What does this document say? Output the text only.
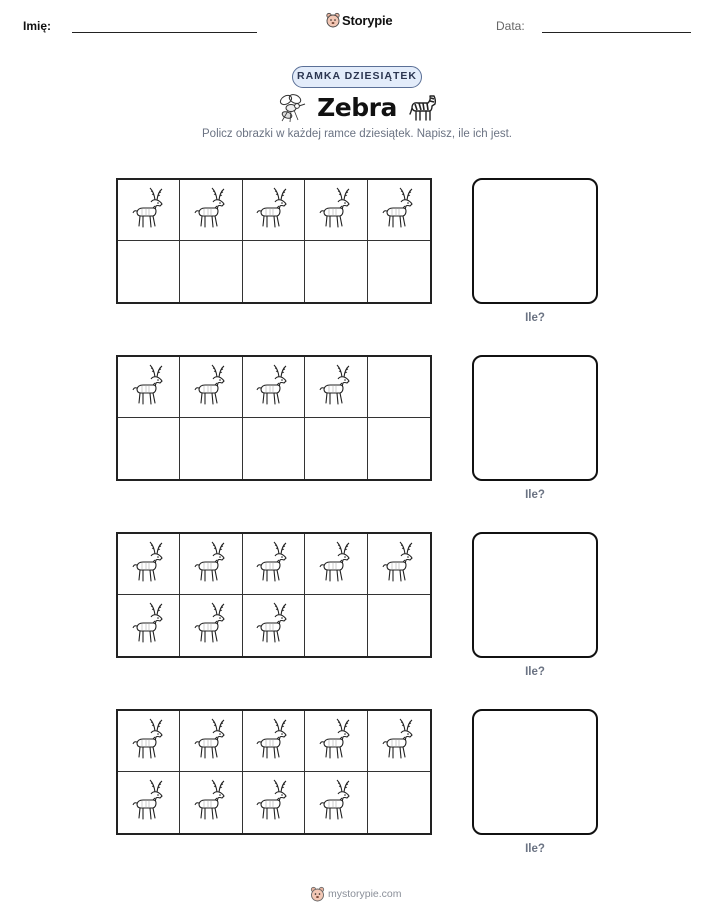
Imię:	Storypie	Data:
RAMKA DZIESIĄTEK
Zebra
Policz obrazki w każdej ramce dziesiątek. Napisz, ile ich jest.
Ile?
Ile?
Ile?
Ile?
mystorypie.com
